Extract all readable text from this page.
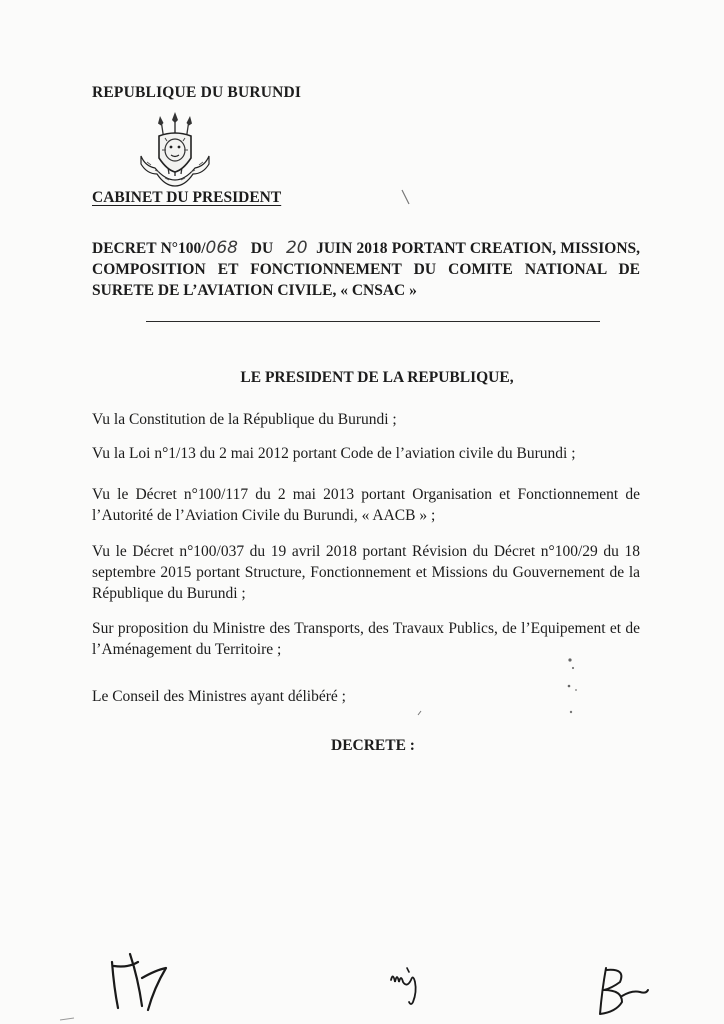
REPUBLIQUE DU BURUNDI
CABINET DU PRESIDENT
DECRET N°100/068 DU 20 JUIN 2018 PORTANT CREATION, MISSIONS, COMPOSITION ET FONCTIONNEMENT DU COMITE NATIONAL DE SURETE DE L’AVIATION CIVILE, « CNSAC »
LE PRESIDENT DE LA REPUBLIQUE,
Vu la Constitution de la République du Burundi ;
Vu la Loi n°1/13 du 2 mai 2012 portant Code de l’aviation civile du Burundi ;
Vu le Décret n°100/117 du 2 mai 2013 portant Organisation et Fonctionnement de l’Autorité de l’Aviation Civile du Burundi, « AACB » ;
Vu le Décret n°100/037 du 19 avril 2018 portant Révision du Décret n°100/29 du 18 septembre 2015 portant Structure, Fonctionnement et Missions du Gouvernement de la République du Burundi ;
Sur proposition du Ministre des Transports, des Travaux Publics, de l’Equipement et de l’Aménagement du Territoire ;
Le Conseil des Ministres ayant délibéré ;
DECRETE :
